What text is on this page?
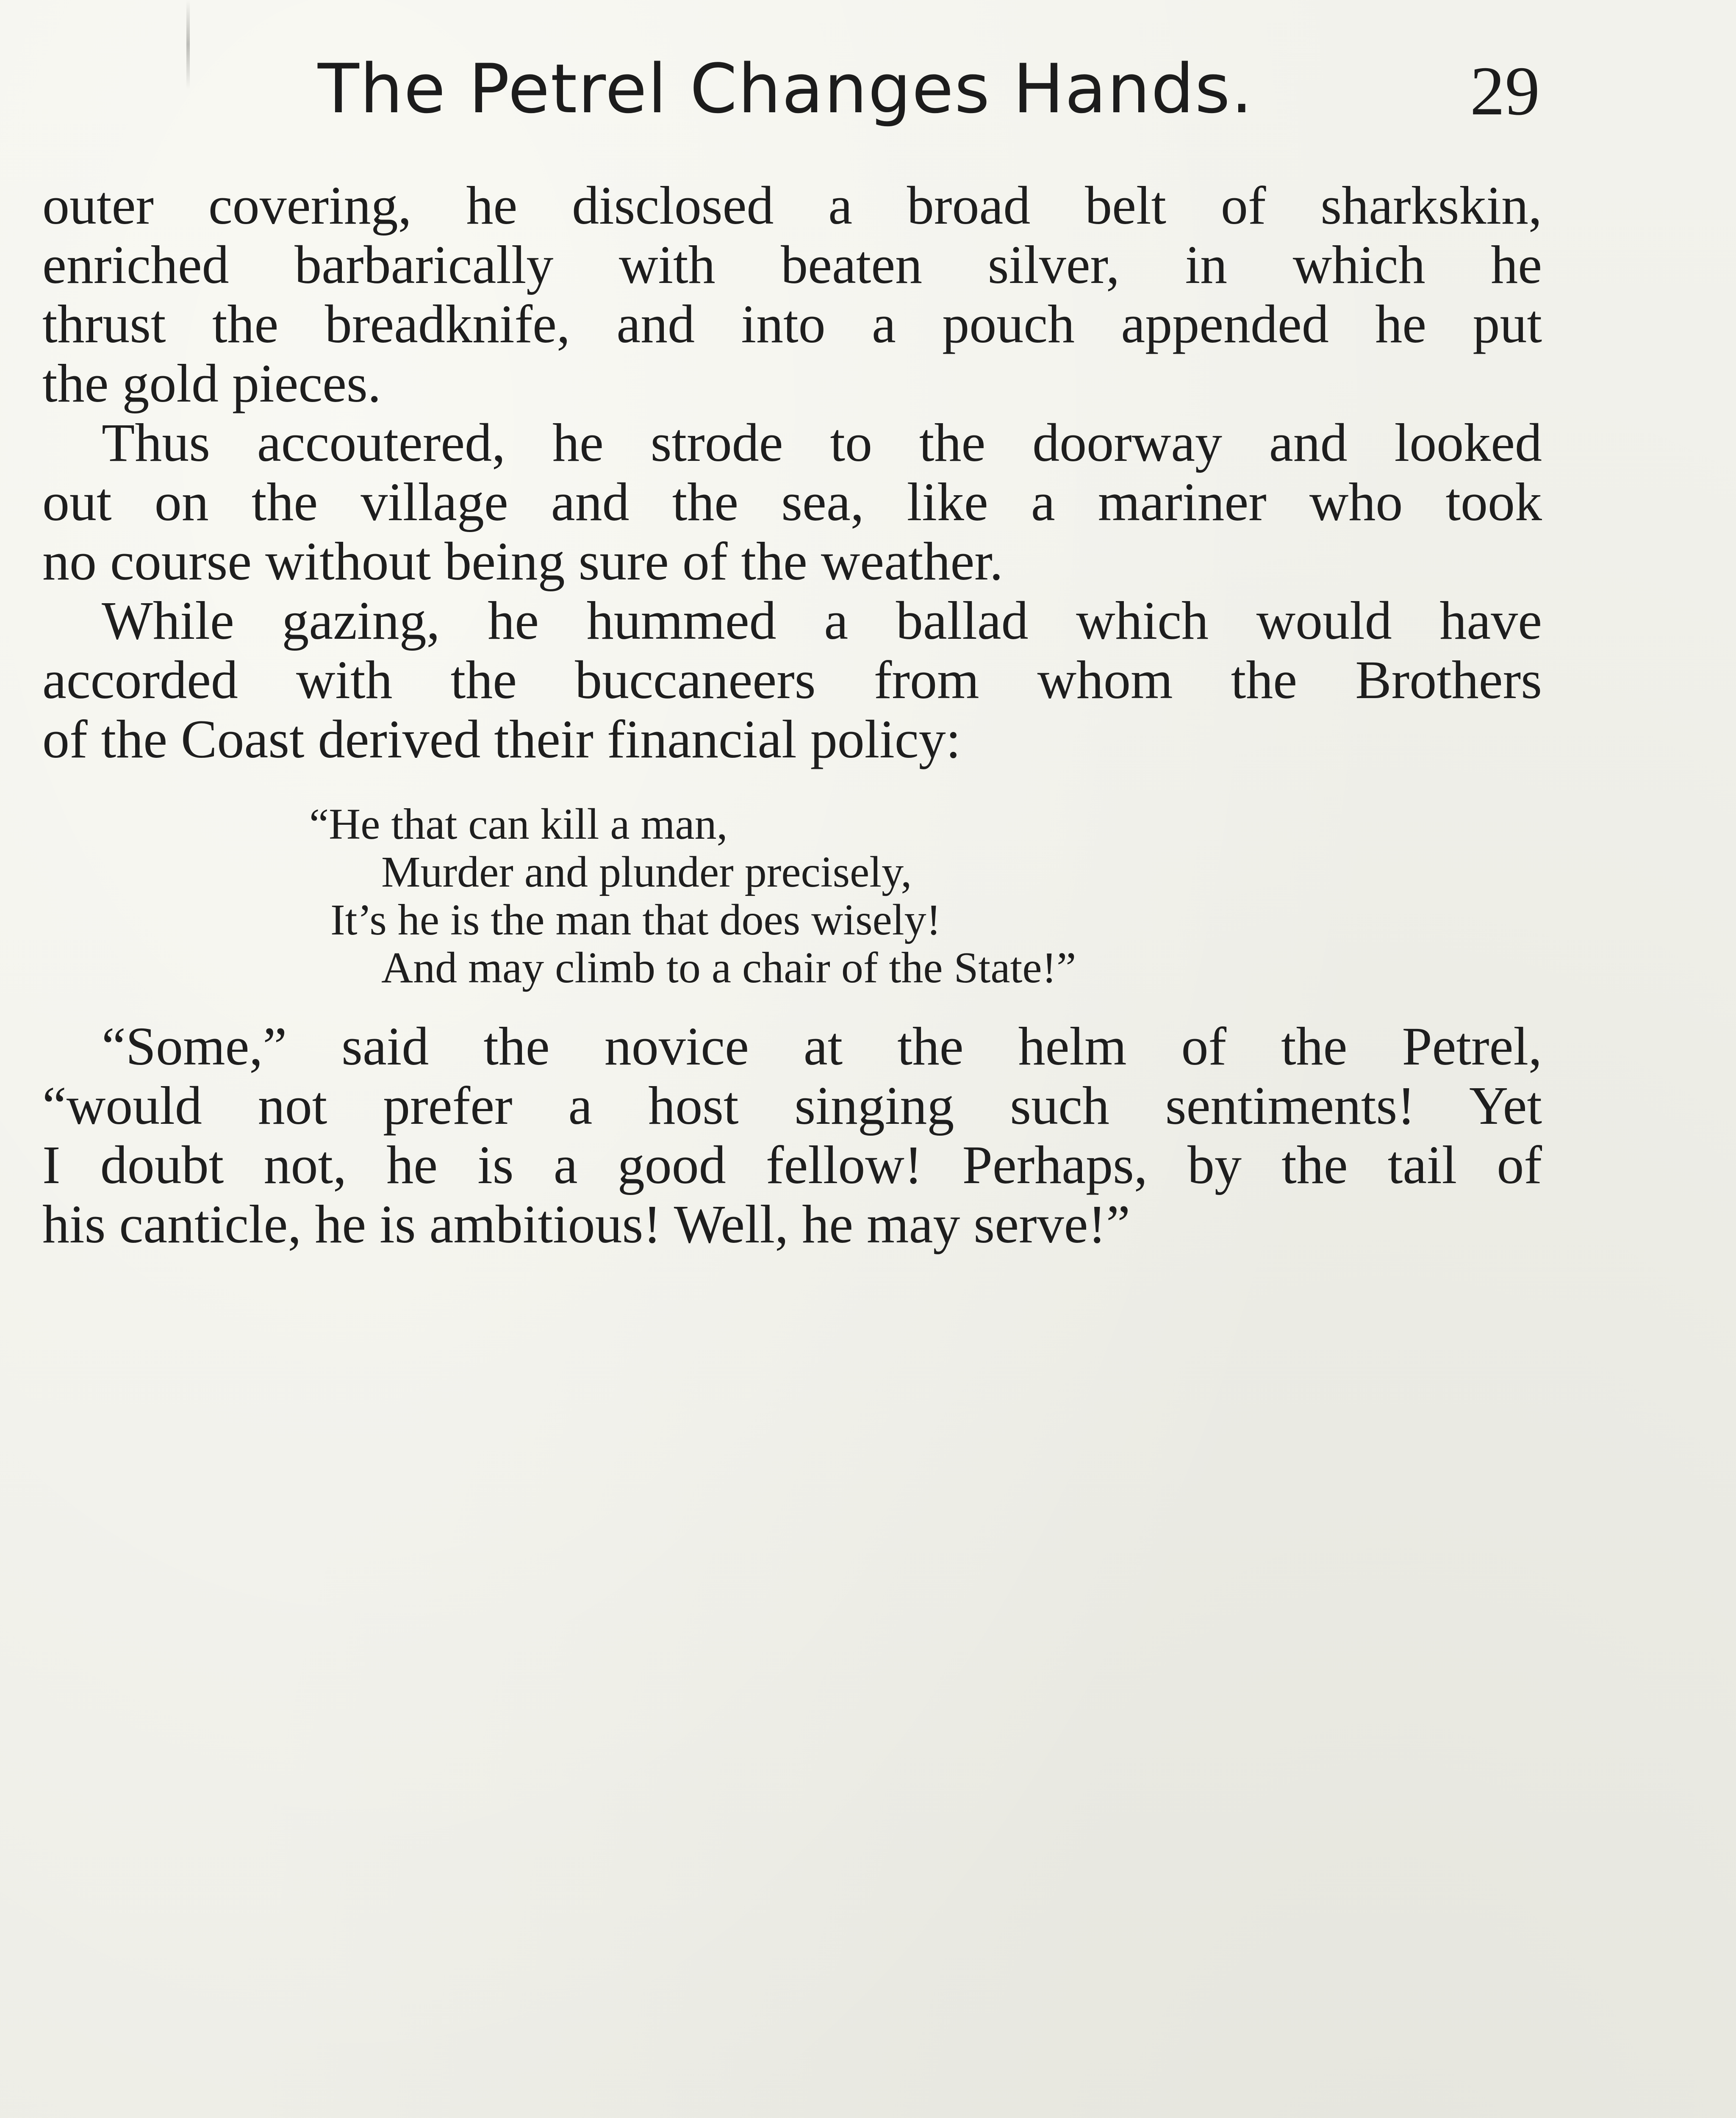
The Petrel Changes Hands.	29
outer covering, he disclosed a broad belt of sharkskin,
enriched barbarically with beaten silver, in which he
thrust the breadknife, and into a pouch appended he put
the gold pieces.
Thus accoutered, he strode to the doorway and looked
out on the village and the sea, like a mariner who took
no course without being sure of the weather.
While gazing, he hummed a ballad which would have
accorded with the buccaneers from whom the Brothers
of the Coast derived their financial policy:
“He that can kill a man,
Murder and plunder precisely,
It’s he is the man that does wisely!
And may climb to a chair of the State!”
“Some,” said the novice at the helm of the Petrel,
“would not prefer a host singing such sentiments! Yet
I doubt not, he is a good fellow! Perhaps, by the tail of
his canticle, he is ambitious! Well, he may serve!”
